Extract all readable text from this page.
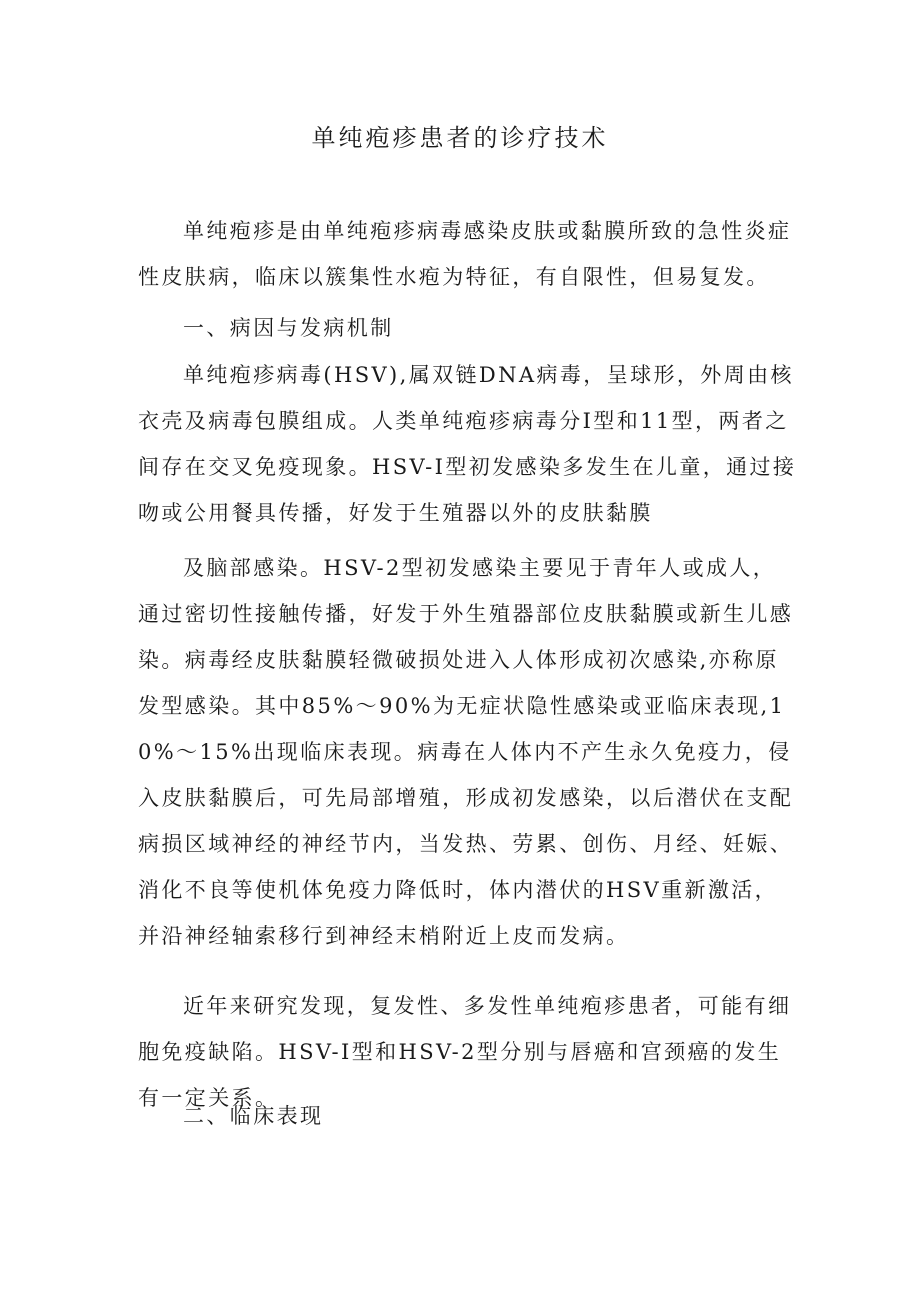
单纯疱疹患者的诊疗技术

单纯疱疹是由单纯疱疹病毒感染皮肤或黏膜所致的急性炎症性皮肤病，临床以簇集性水疱为特征，有自限性，但易复发。

一、病因与发病机制

单纯疱疹病毒(HSV),属双链DNA病毒，呈球形，外周由核衣壳及病毒包膜组成。人类单纯疱疹病毒分I型和11型，两者之间存在交叉免疫现象。HSV-I型初发感染多发生在儿童，通过接吻或公用餐具传播，好发于生殖器以外的皮肤黏膜

及脑部感染。HSV-2型初发感染主要见于青年人或成人，通过密切性接触传播，好发于外生殖器部位皮肤黏膜或新生儿感染。病毒经皮肤黏膜轻微破损处进入人体形成初次感染,亦称原发型感染。其中85%～90%为无症状隐性感染或亚临床表现,10%～15%出现临床表现。病毒在人体内不产生永久免疫力，侵入皮肤黏膜后，可先局部增殖，形成初发感染，以后潜伏在支配病损区域神经的神经节内，当发热、劳累、创伤、月经、妊娠、消化不良等使机体免疫力降低时，体内潜伏的HSV重新激活，并沿神经轴索移行到神经末梢附近上皮而发病。

近年来研究发现，复发性、多发性单纯疱疹患者，可能有细胞免疫缺陷。HSV-I型和HSV-2型分别与唇癌和宫颈癌的发生有一定关系。

二、临床表现
